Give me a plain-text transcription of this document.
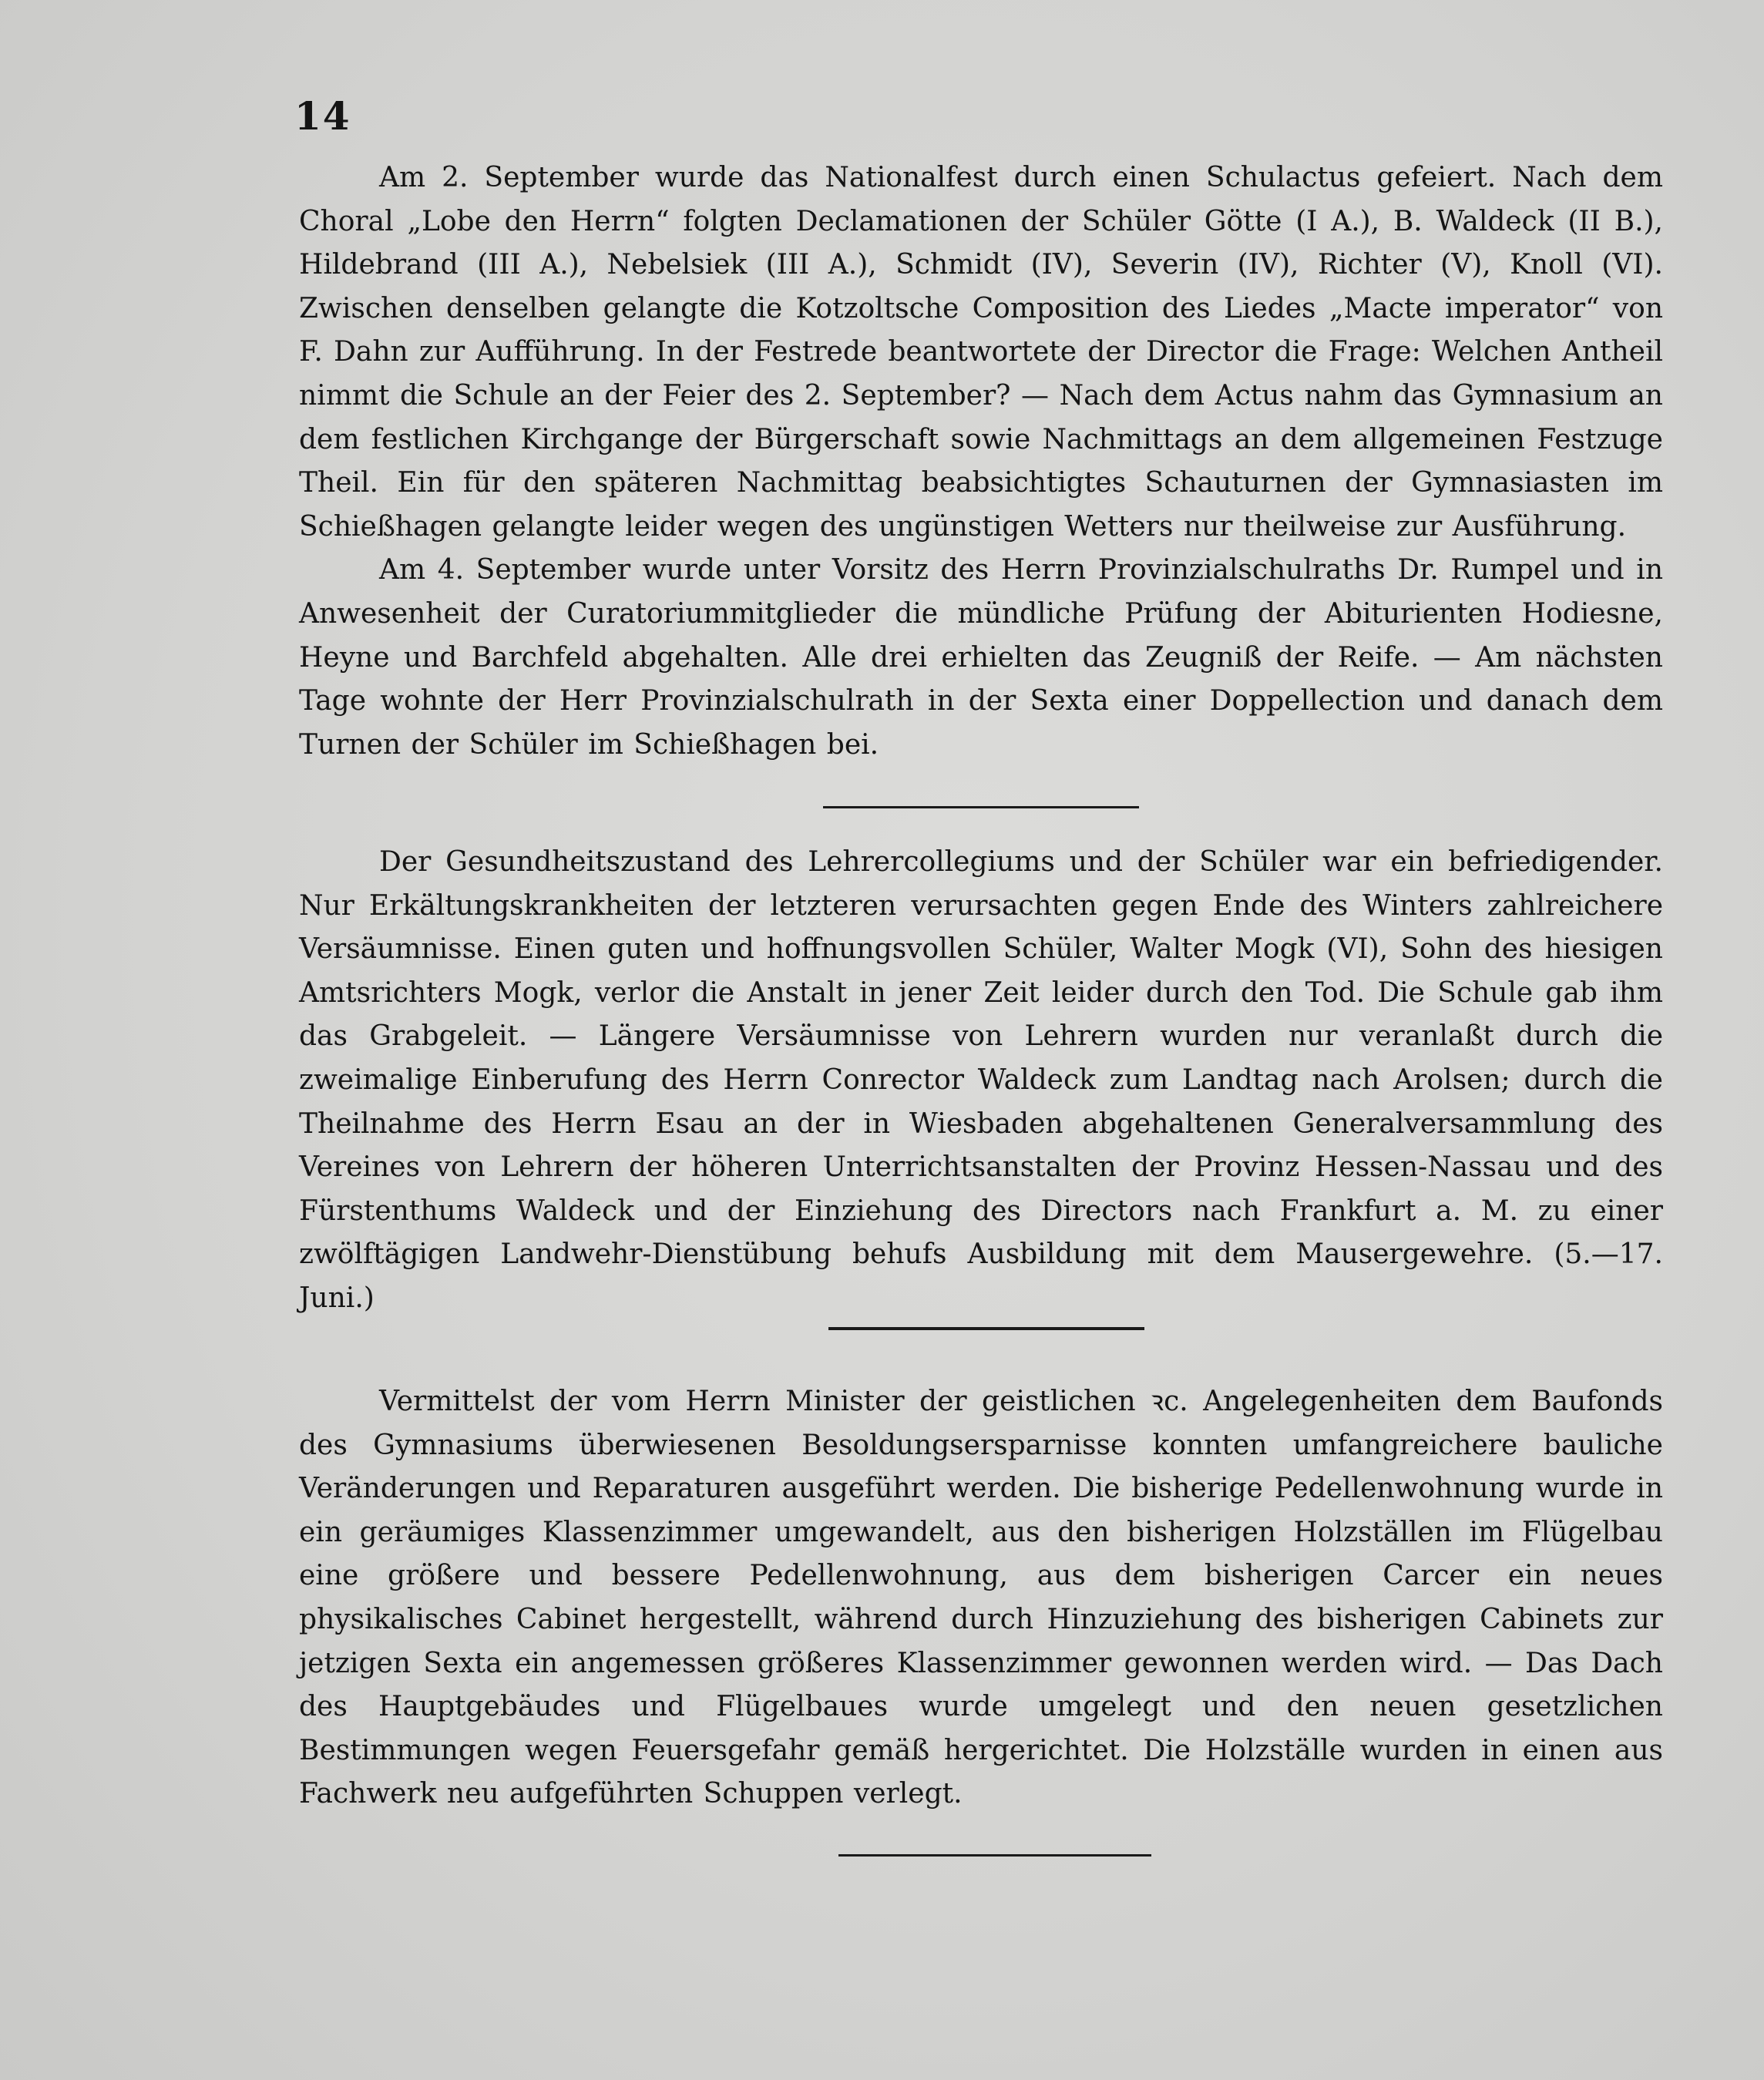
14

Am 2. September wurde das Nationalfest durch einen Schulactus gefeiert. Nach dem Choral „Lobe den Herrn“ folgten Declamationen der Schüler Götte (I A.), B. Waldeck (II B.), Hildebrand (III A.), Nebelsiek (III A.), Schmidt (IV), Severin (IV), Richter (V), Knoll (VI). Zwischen denselben gelangte die Kotzoltsche Composition des Liedes „Macte imperator“ von F. Dahn zur Aufführung. In der Festrede beantwortete der Director die Frage: Welchen Antheil nimmt die Schule an der Feier des 2. September? — Nach dem Actus nahm das Gymnasium an dem festlichen Kirchgange der Bürgerschaft sowie Nachmittags an dem allgemeinen Festzuge Theil. Ein für den späteren Nachmittag beabsichtigtes Schauturnen der Gymnasiasten im Schießhagen gelangte leider wegen des ungünstigen Wetters nur theilweise zur Ausführung.

Am 4. September wurde unter Vorsitz des Herrn Provinzialschulraths Dr. Rumpel und in Anwesenheit der Curatoriummitglieder die mündliche Prüfung der Abiturienten Hodiesne, Heyne und Barchfeld abgehalten. Alle drei erhielten das Zeugniß der Reife. — Am nächsten Tage wohnte der Herr Provinzialschulrath in der Sexta einer Doppellection und danach dem Turnen der Schüler im Schießhagen bei.

Der Gesundheitszustand des Lehrercollegiums und der Schüler war ein befriedigender. Nur Erkältungskrankheiten der letzteren verursachten gegen Ende des Winters zahlreichere Versäumnisse. Einen guten und hoffnungsvollen Schüler, Walter Mogk (VI), Sohn des hiesigen Amtsrichters Mogk, verlor die Anstalt in jener Zeit leider durch den Tod. Die Schule gab ihm das Grabgeleit. — Längere Versäumnisse von Lehrern wurden nur veranlaßt durch die zweimalige Einberufung des Herrn Conrector Waldeck zum Landtag nach Arolsen; durch die Theilnahme des Herrn Esau an der in Wiesbaden abgehaltenen Generalversammlung des Vereines von Lehrern der höheren Unterrichtsanstalten der Provinz Hessen-Nassau und des Fürstenthums Waldeck und der Einziehung des Directors nach Frankfurt a. M. zu einer zwölftägigen Landwehr-Dienstübung behufs Ausbildung mit dem Mausergewehre. (5.—17. Juni.)

Vermittelst der vom Herrn Minister der geistlichen ꝛc. Angelegenheiten dem Baufonds des Gymnasiums überwiesenen Besoldungsersparnisse konnten umfangreichere bauliche Veränderungen und Reparaturen ausgeführt werden. Die bisherige Pedellenwohnung wurde in ein geräumiges Klassenzimmer umgewandelt, aus den bisherigen Holzställen im Flügelbau eine größere und bessere Pedellenwohnung, aus dem bisherigen Carcer ein neues physikalisches Cabinet hergestellt, während durch Hinzuziehung des bisherigen Cabinets zur jetzigen Sexta ein angemessen größeres Klassenzimmer gewonnen werden wird. — Das Dach des Hauptgebäudes und Flügelbaues wurde umgelegt und den neuen gesetzlichen Bestimmungen wegen Feuersgefahr gemäß hergerichtet. Die Holzställe wurden in einen aus Fachwerk neu aufgeführten Schuppen verlegt.
